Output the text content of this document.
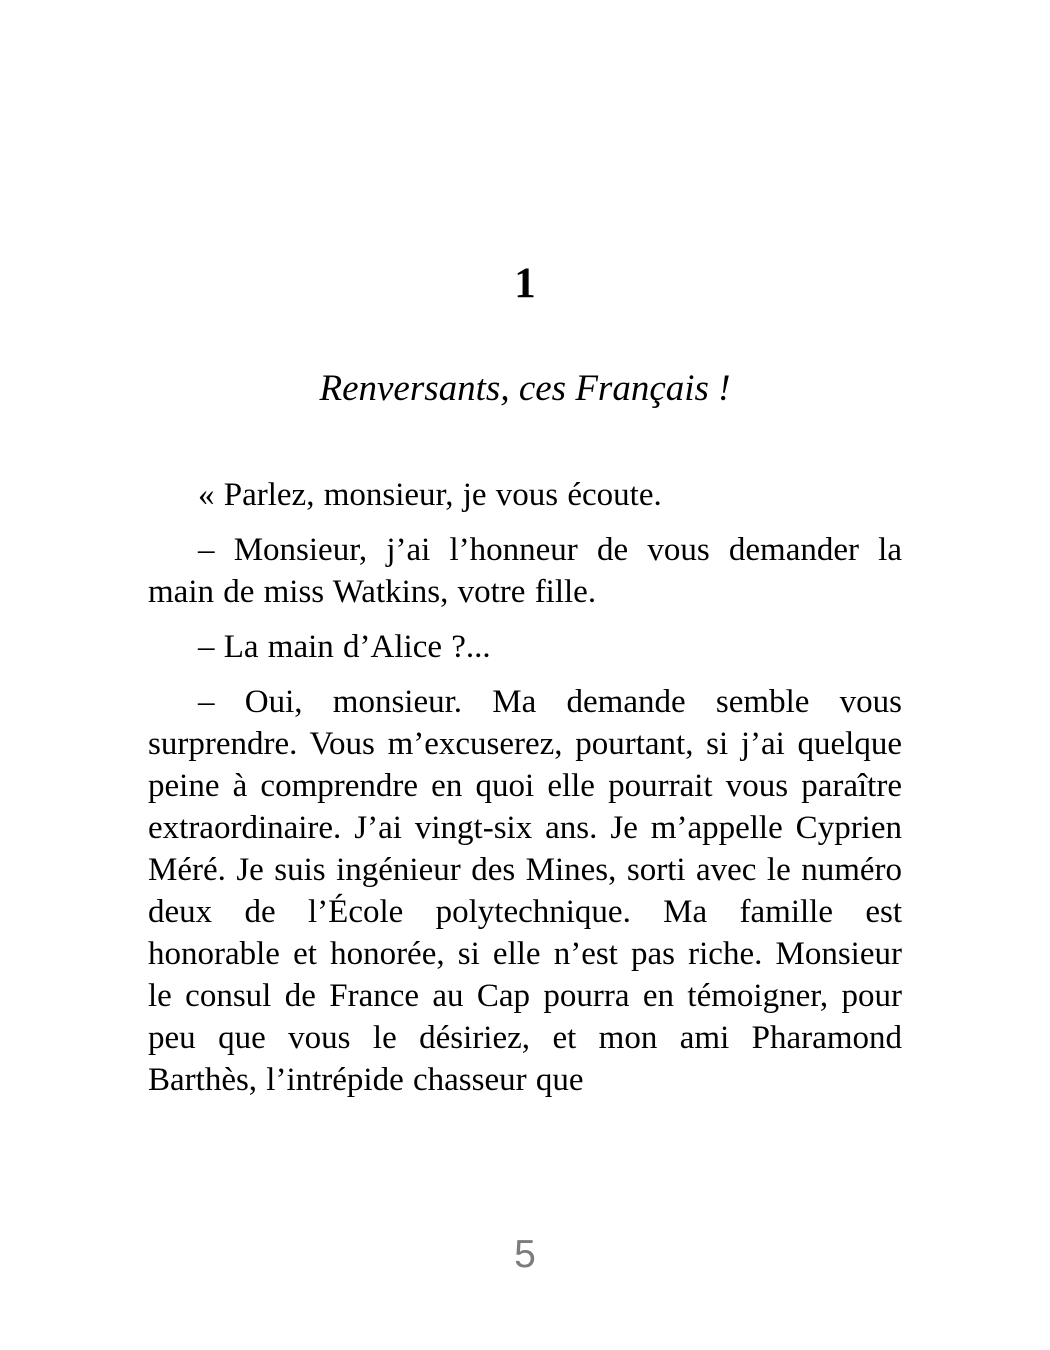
1
Renversants, ces Français !

« Parlez, monsieur, je vous écoute.

– Monsieur, j’ai l’honneur de vous demander la main de miss Watkins, votre fille.

– La main d’Alice ?...

– Oui, monsieur. Ma demande semble vous surprendre. Vous m’excuserez, pourtant, si j’ai quelque peine à comprendre en quoi elle pourrait vous paraître extraordinaire. J’ai vingt-six ans. Je m’appelle Cyprien Méré. Je suis ingénieur des Mines, sorti avec le numéro deux de l’École polytechnique. Ma famille est honorable et honorée, si elle n’est pas riche. Monsieur le consul de France au Cap pourra en témoigner, pour peu que vous le désiriez, et mon ami Pharamond Barthès, l’intrépide chasseur que

5
